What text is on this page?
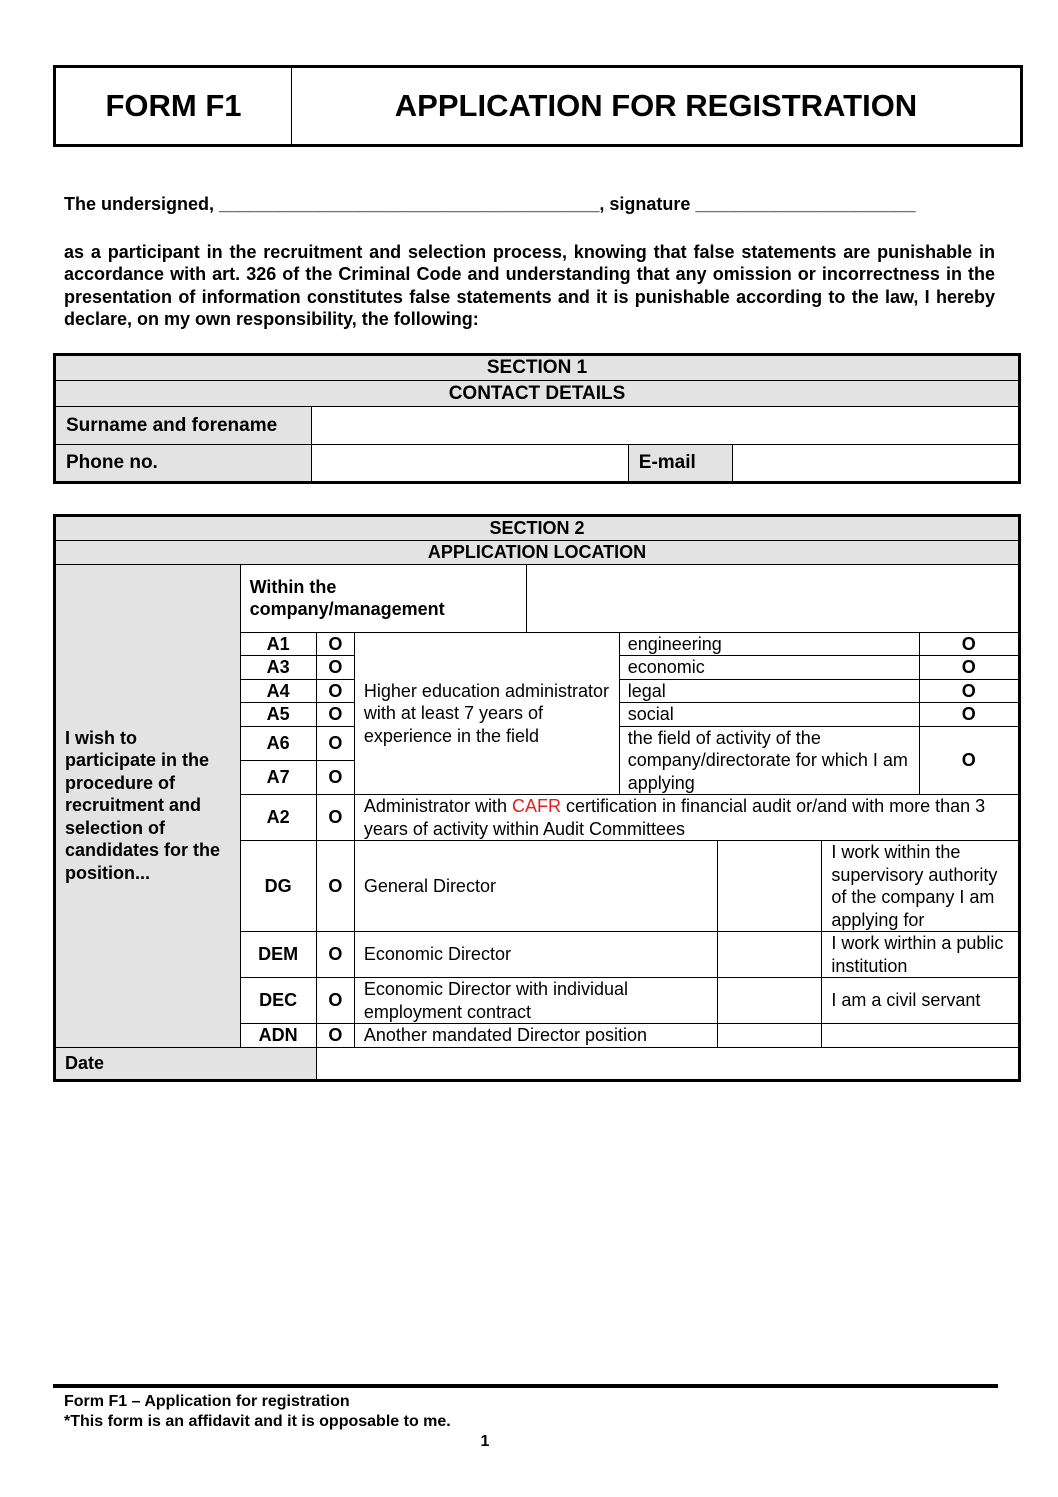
FORM F1	APPLICATION FOR REGISTRATION
The undersigned, ______________________________________, signature ______________________
as a participant in the recruitment and selection process, knowing that false statements are punishable in accordance with art. 326 of the Criminal Code and understanding that any omission or incorrectness in the presentation of information constitutes false statements and it is punishable according to the law, I hereby declare, on my own responsibility, the following:
SECTION 1			
CONTACT DETAILS			
Surname and forename			
Phone no.		E-mail	
SECTION 2								
APPLICATION LOCATION								
I wish to participate in the procedure of recruitment and selection of candidates for the position...	Within the company/management							
	A1	O	Higher education administrator with at least 7 years of experience in the field		engineering			O
	A3	O			economic			O
	A4	O			legal			O
	A5	O			social			O
	A6	O			the field of activity of the company/directorate for which I am applying			O
	A7	O						
	A2	O	Administrator with CAFR certification in financial audit or/and with more than 3 years of activity within Audit Committees					
	DG	O	General Director				I work within the supervisory authority of the company I am applying for	
	DEM	O	Economic Director				I work wirthin a public institution	
	DEC	O	Economic Director with individual employment contract				I am a civil servant	
	ADN	O	Another mandated Director position					
Date								
Form F1 – Application for registration
*This form is an affidavit and it is opposable to me.
1
